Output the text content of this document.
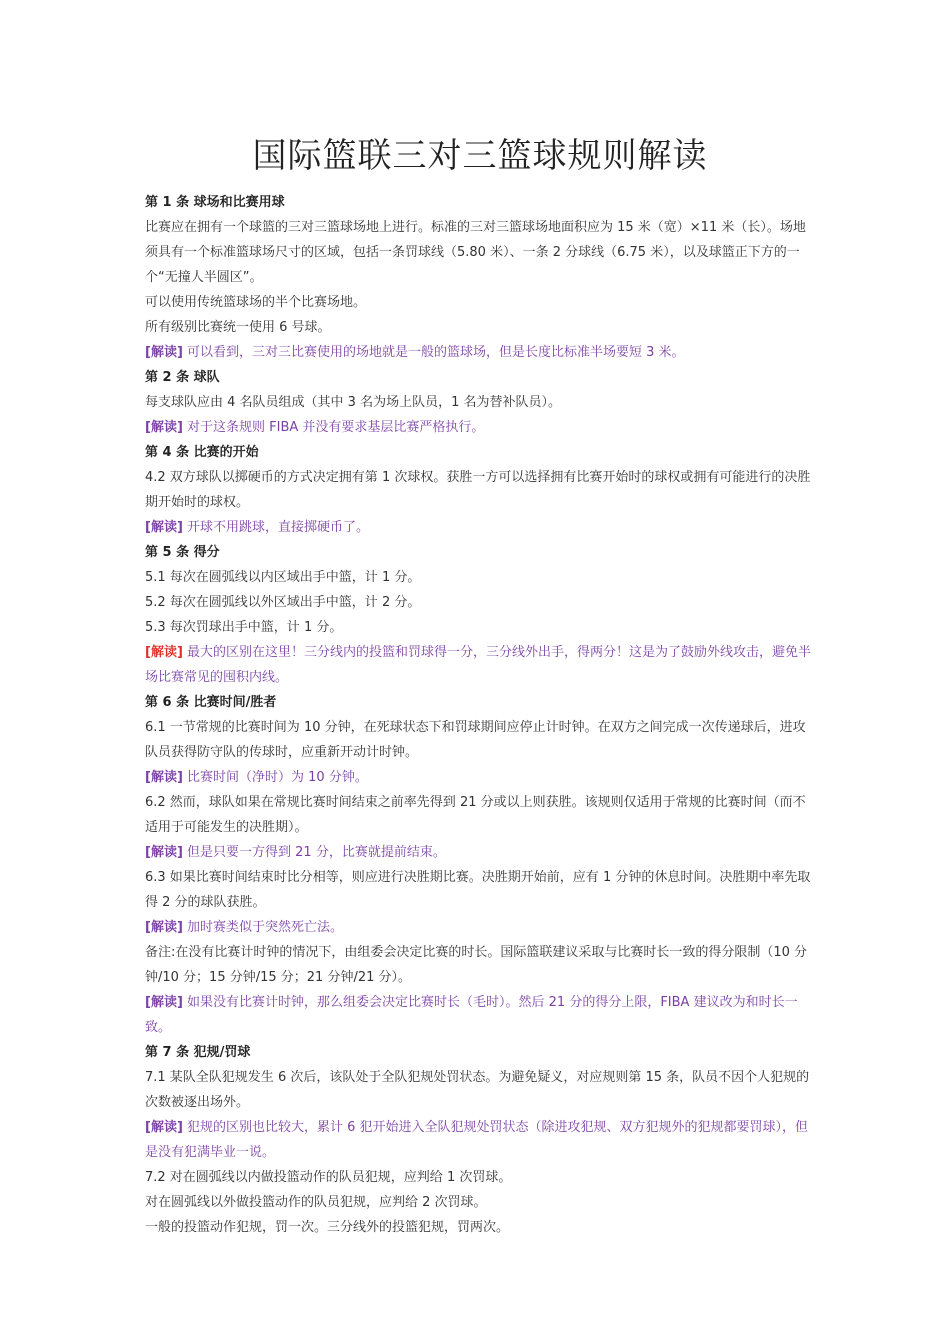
国际篮联三对三篮球规则解读

第 1 条 球场和比赛用球

比赛应在拥有一个球篮的三对三篮球场地上进行。标准的三对三篮球场地面积应为 15 米（宽）×11 米（长）。场地须具有一个标准篮球场尺寸的区域，包括一条罚球线（5.80 米）、一条 2 分球线（6.75 米），以及球篮正下方的一个“无撞人半圆区”。

可以使用传统篮球场的半个比赛场地。

所有级别比赛统一使用 6 号球。

[解读] 可以看到，三对三比赛使用的场地就是一般的篮球场，但是长度比标准半场要短 3 米。

第 2 条 球队

每支球队应由 4 名队员组成（其中 3 名为场上队员，1 名为替补队员）。

[解读] 对于这条规则 FIBA 并没有要求基层比赛严格执行。

第 4 条 比赛的开始

4.2 双方球队以掷硬币的方式决定拥有第 1 次球权。获胜一方可以选择拥有比赛开始时的球权或拥有可能进行的决胜期开始时的球权。

[解读] 开球不用跳球，直接掷硬币了。

第 5 条 得分

5.1 每次在圆弧线以内区域出手中篮，计 1 分。

5.2 每次在圆弧线以外区域出手中篮，计 2 分。

5.3 每次罚球出手中篮，计 1 分。

[解读] 最大的区别在这里！三分线内的投篮和罚球得一分，三分线外出手，得两分！这是为了鼓励外线攻击，避免半场比赛常见的囤积内线。

第 6 条 比赛时间/胜者

6.1 一节常规的比赛时间为 10 分钟，在死球状态下和罚球期间应停止计时钟。在双方之间完成一次传递球后，进攻队员获得防守队的传球时，应重新开动计时钟。

[解读] 比赛时间（净时）为 10 分钟。

6.2 然而，球队如果在常规比赛时间结束之前率先得到 21 分或以上则获胜。该规则仅适用于常规的比赛时间（而不适用于可能发生的决胜期）。

[解读] 但是只要一方得到 21 分，比赛就提前结束。

6.3 如果比赛时间结束时比分相等，则应进行决胜期比赛。决胜期开始前，应有 1 分钟的休息时间。决胜期中率先取得 2 分的球队获胜。

[解读] 加时赛类似于突然死亡法。

备注:在没有比赛计时钟的情况下，由组委会决定比赛的时长。国际篮联建议采取与比赛时长一致的得分限制（10 分钟/10 分；15 分钟/15 分；21 分钟/21 分）。

[解读] 如果没有比赛计时钟，那么组委会决定比赛时长（毛时）。然后 21 分的得分上限，FIBA 建议改为和时长一致。

第 7 条 犯规/罚球

7.1 某队全队犯规发生 6 次后，该队处于全队犯规处罚状态。为避免疑义，对应规则第 15 条，队员不因个人犯规的次数被逐出场外。

[解读] 犯规的区别也比较大，累计 6 犯开始进入全队犯规处罚状态（除进攻犯规、双方犯规外的犯规都要罚球），但是没有犯满毕业一说。

7.2 对在圆弧线以内做投篮动作的队员犯规，应判给 1 次罚球。

对在圆弧线以外做投篮动作的队员犯规，应判给 2 次罚球。

一般的投篮动作犯规，罚一次。三分线外的投篮犯规，罚两次。
